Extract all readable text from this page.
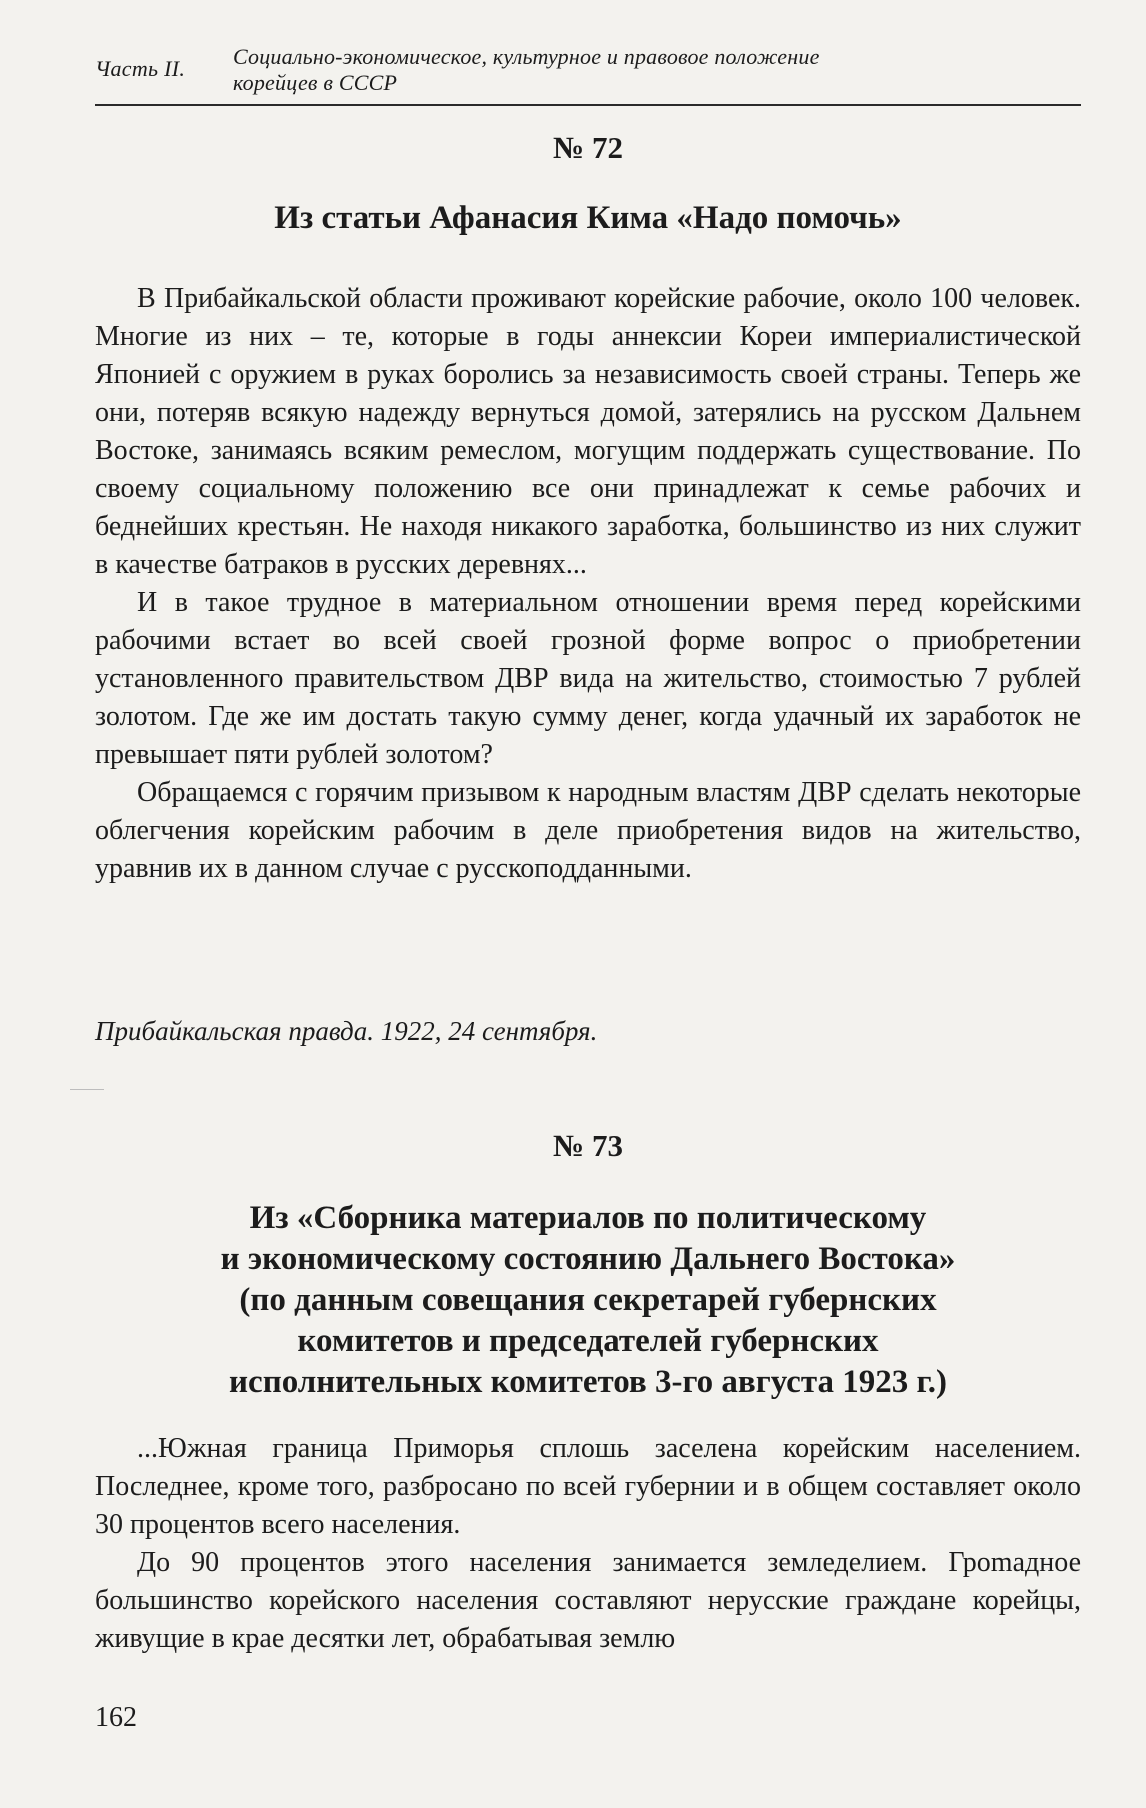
Часть II. Социально-экономическое, культурное и правовое положение
корейцев в СССР
№ 72
Из статьи Афанасия Кима «Надо помочь»

В Прибайкальской области проживают корейские рабочие, около 100 человек. Многие из них – те, которые в годы аннексии Кореи империалистической Японией с оружием в руках боролись за независимость своей страны. Теперь же они, потеряв всякую надежду вернуться домой, затерялись на русском Дальнем Востоке, занимаясь всяким ремеслом, могущим поддержать существование. По своему социальному положению все они принадлежат к семье рабочих и беднейших крестьян. Не находя никакого заработка, большинство из них служит в качестве батраков в русских деревнях...

И в такое трудное в материальном отношении время перед корейскими рабочими встает во всей своей грозной форме вопрос о приобретении установленного правительством ДВР вида на жительство, стоимостью 7 рублей золотом. Где же им достать такую сумму денег, когда удачный их заработок не превышает пяти рублей золотом?

Обращаемся с горячим призывом к народным властям ДВР сделать некоторые облегчения корейским рабочим в деле приобретения видов на жительство, уравнив их в данном случае с русскоподданными.

Прибайкальская правда. 1922, 24 сентября.
№ 73
Из «Сборника материалов по политическому
и экономическому состоянию Дальнего Востока»
(по данным совещания секретарей губернских
комитетов и председателей губернских
исполнительных комитетов 3-го августа 1923 г.)

...Южная граница Приморья сплошь заселена корейским населением. Последнее, кроме того, разбросано по всей губернии и в общем составляет около 30 процентов всего населения.

До 90 процентов этого населения занимается земледелием. Гроmадное большинство корейского населения составляют нерусские граждане корейцы, живущие в крае десятки лет, обрабатывая землю

162
